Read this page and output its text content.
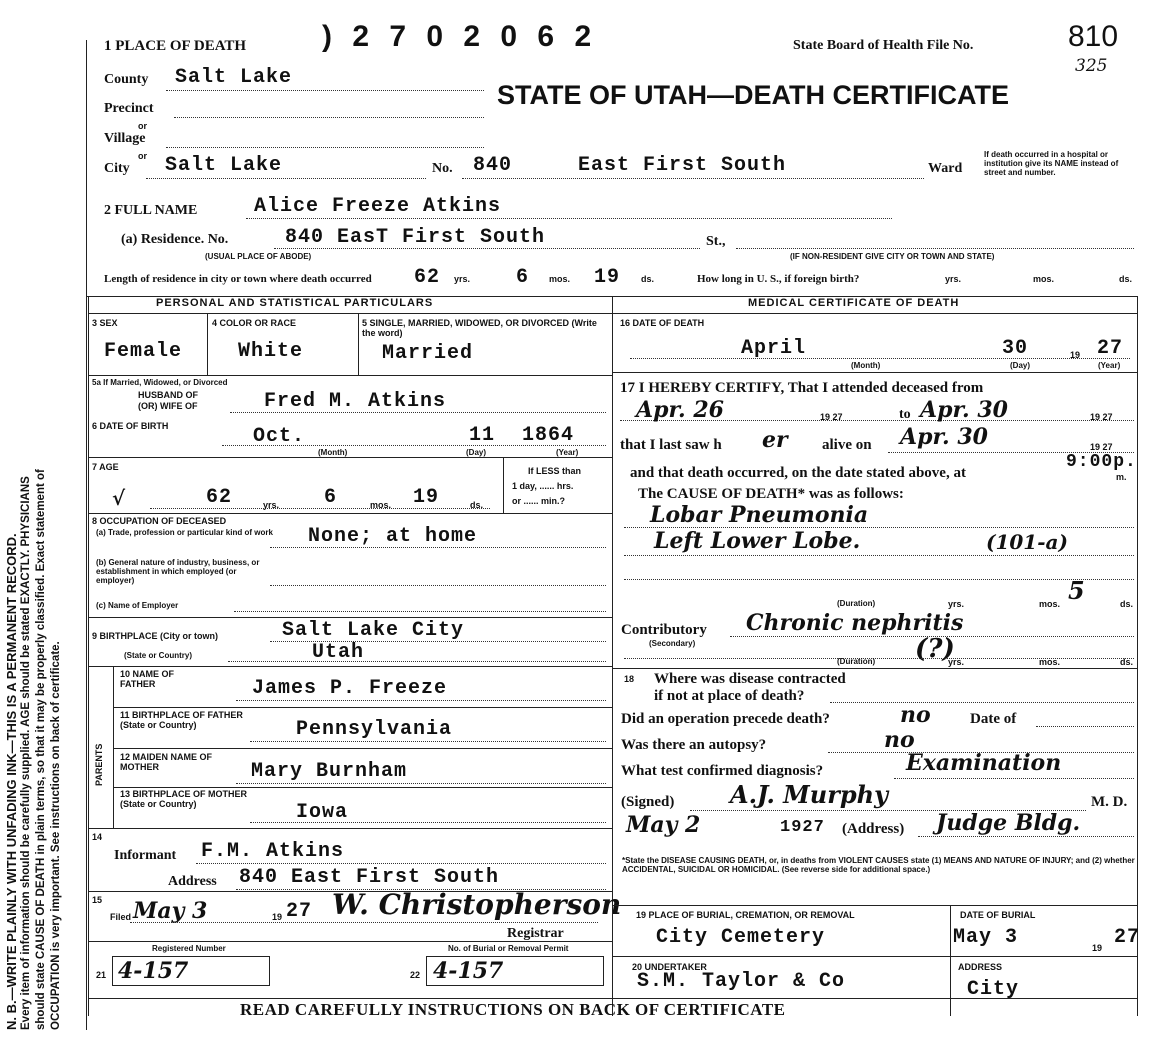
N. B.—WRITE PLAINLY WITH UNFADING INK—THIS IS A PERMANENT RECORD. Every item of information should be carefully supplied. AGE should be stated EXACTLY. PHYSICIANS should state CAUSE OF DEATH in plain terms, so that it may be properly classified. Exact statement of OCCUPATION is very important. See instructions on back of certificate.
1 PLACE OF DEATH	) 2 7 0 2 0 6 2	State Board of Health File No.	810
325
STATE OF UTAH—DEATH CERTIFICATE
County Salt Lake
Precinct
or
Village
or
City Salt Lake	No. 840	East First South	Ward
If death occurred in a hospital or institution give its NAME instead of street and number.
2 FULL NAME	Alice Freeze Atkins
(a) Residence. No.	840 EasT First South	St.,
(USUAL PLACE OF ABODE)	(IF NON-RESIDENT GIVE CITY OR TOWN AND STATE)
Length of residence in city or town where death occurred 62 yrs. 6 mos. 19 ds.	How long in U. S., if foreign birth?	yrs.	mos.	ds.
PERSONAL AND STATISTICAL PARTICULARS	MEDICAL CERTIFICATE OF DEATH
3 SEX
Female
4 COLOR OR RACE
White
5 SINGLE, MARRIED, WIDOWED, OR DIVORCED (Write the word)
Married
5a If Married, Widowed, or Divorced
HUSBAND OF
(OR) WIFE OF	Fred M. Atkins
6 DATE OF BIRTH	Oct.	11 1864
(Month)	(Day)	(Year)
7 AGE
√	62	yrs. 6	mos. 19	ds.
If LESS than
1 day, ...... hrs.
or ...... min.?
8 OCCUPATION OF DECEASED
(a) Trade, profession or particular kind of work None; at home
(b) General nature of industry, business, or establishment in which employed (or employer)
(c) Name of Employer
9 BIRTHPLACE (City or town)	Salt Lake City
(State or Country)	Utah
PARENTS
10 NAME OF FATHER	James P. Freeze
11 BIRTHPLACE OF FATHER (State or Country)	Pennsylvania
12 MAIDEN NAME OF MOTHER	Mary Burnham
13 BIRTHPLACE OF MOTHER (State or Country)	Iowa
14
Informant F.M. Atkins
Address 840 East First South
15
Filed May 3	19 27 W. Christopherson
Registrar
Registered Number	No. of Burial or Removal Permit
21 4-157	22 4-157
16 DATE OF DEATH
April	30	19 27
(Month)	(Day)	(Year)
17 I HEREBY CERTIFY, That I attended deceased from
Apr. 26	19 27	to Apr. 30	19 27
that I last saw h er alive on Apr. 30	19 27
and that death occurred, on the date stated above, at
9:00p.
m.
The CAUSE OF DEATH* was as follows:
Lobar Pneumonia
Left Lower Lobe.	(101-a)
5
(Duration)	yrs.	mos.	ds.
Contributory Chronic nephritis
(Secondary)	(?)
(Duration)	yrs.	mos.	ds.
18 Where was disease contracted
if not at place of death?
Did an operation precede death?	no	Date of
Was there an autopsy?	no
What test confirmed diagnosis?	Examination
(Signed) A.J. Murphy	M. D.
May 2	1927 (Address) Judge Bldg.
*State the DISEASE CAUSING DEATH, or, in deaths from VIOLENT CAUSES state (1) MEANS AND NATURE OF INJURY; and (2) whether ACCIDENTAL, SUICIDAL OR HOMICIDAL. (See reverse side for additional space.)
19 PLACE OF BURIAL, CREMATION, OR REMOVAL
City Cemetery
DATE OF BURIAL
May 3	19 27
20 UNDERTAKER
S.M. Taylor & Co
ADDRESS
City
READ CAREFULLY INSTRUCTIONS ON BACK OF CERTIFICATE
